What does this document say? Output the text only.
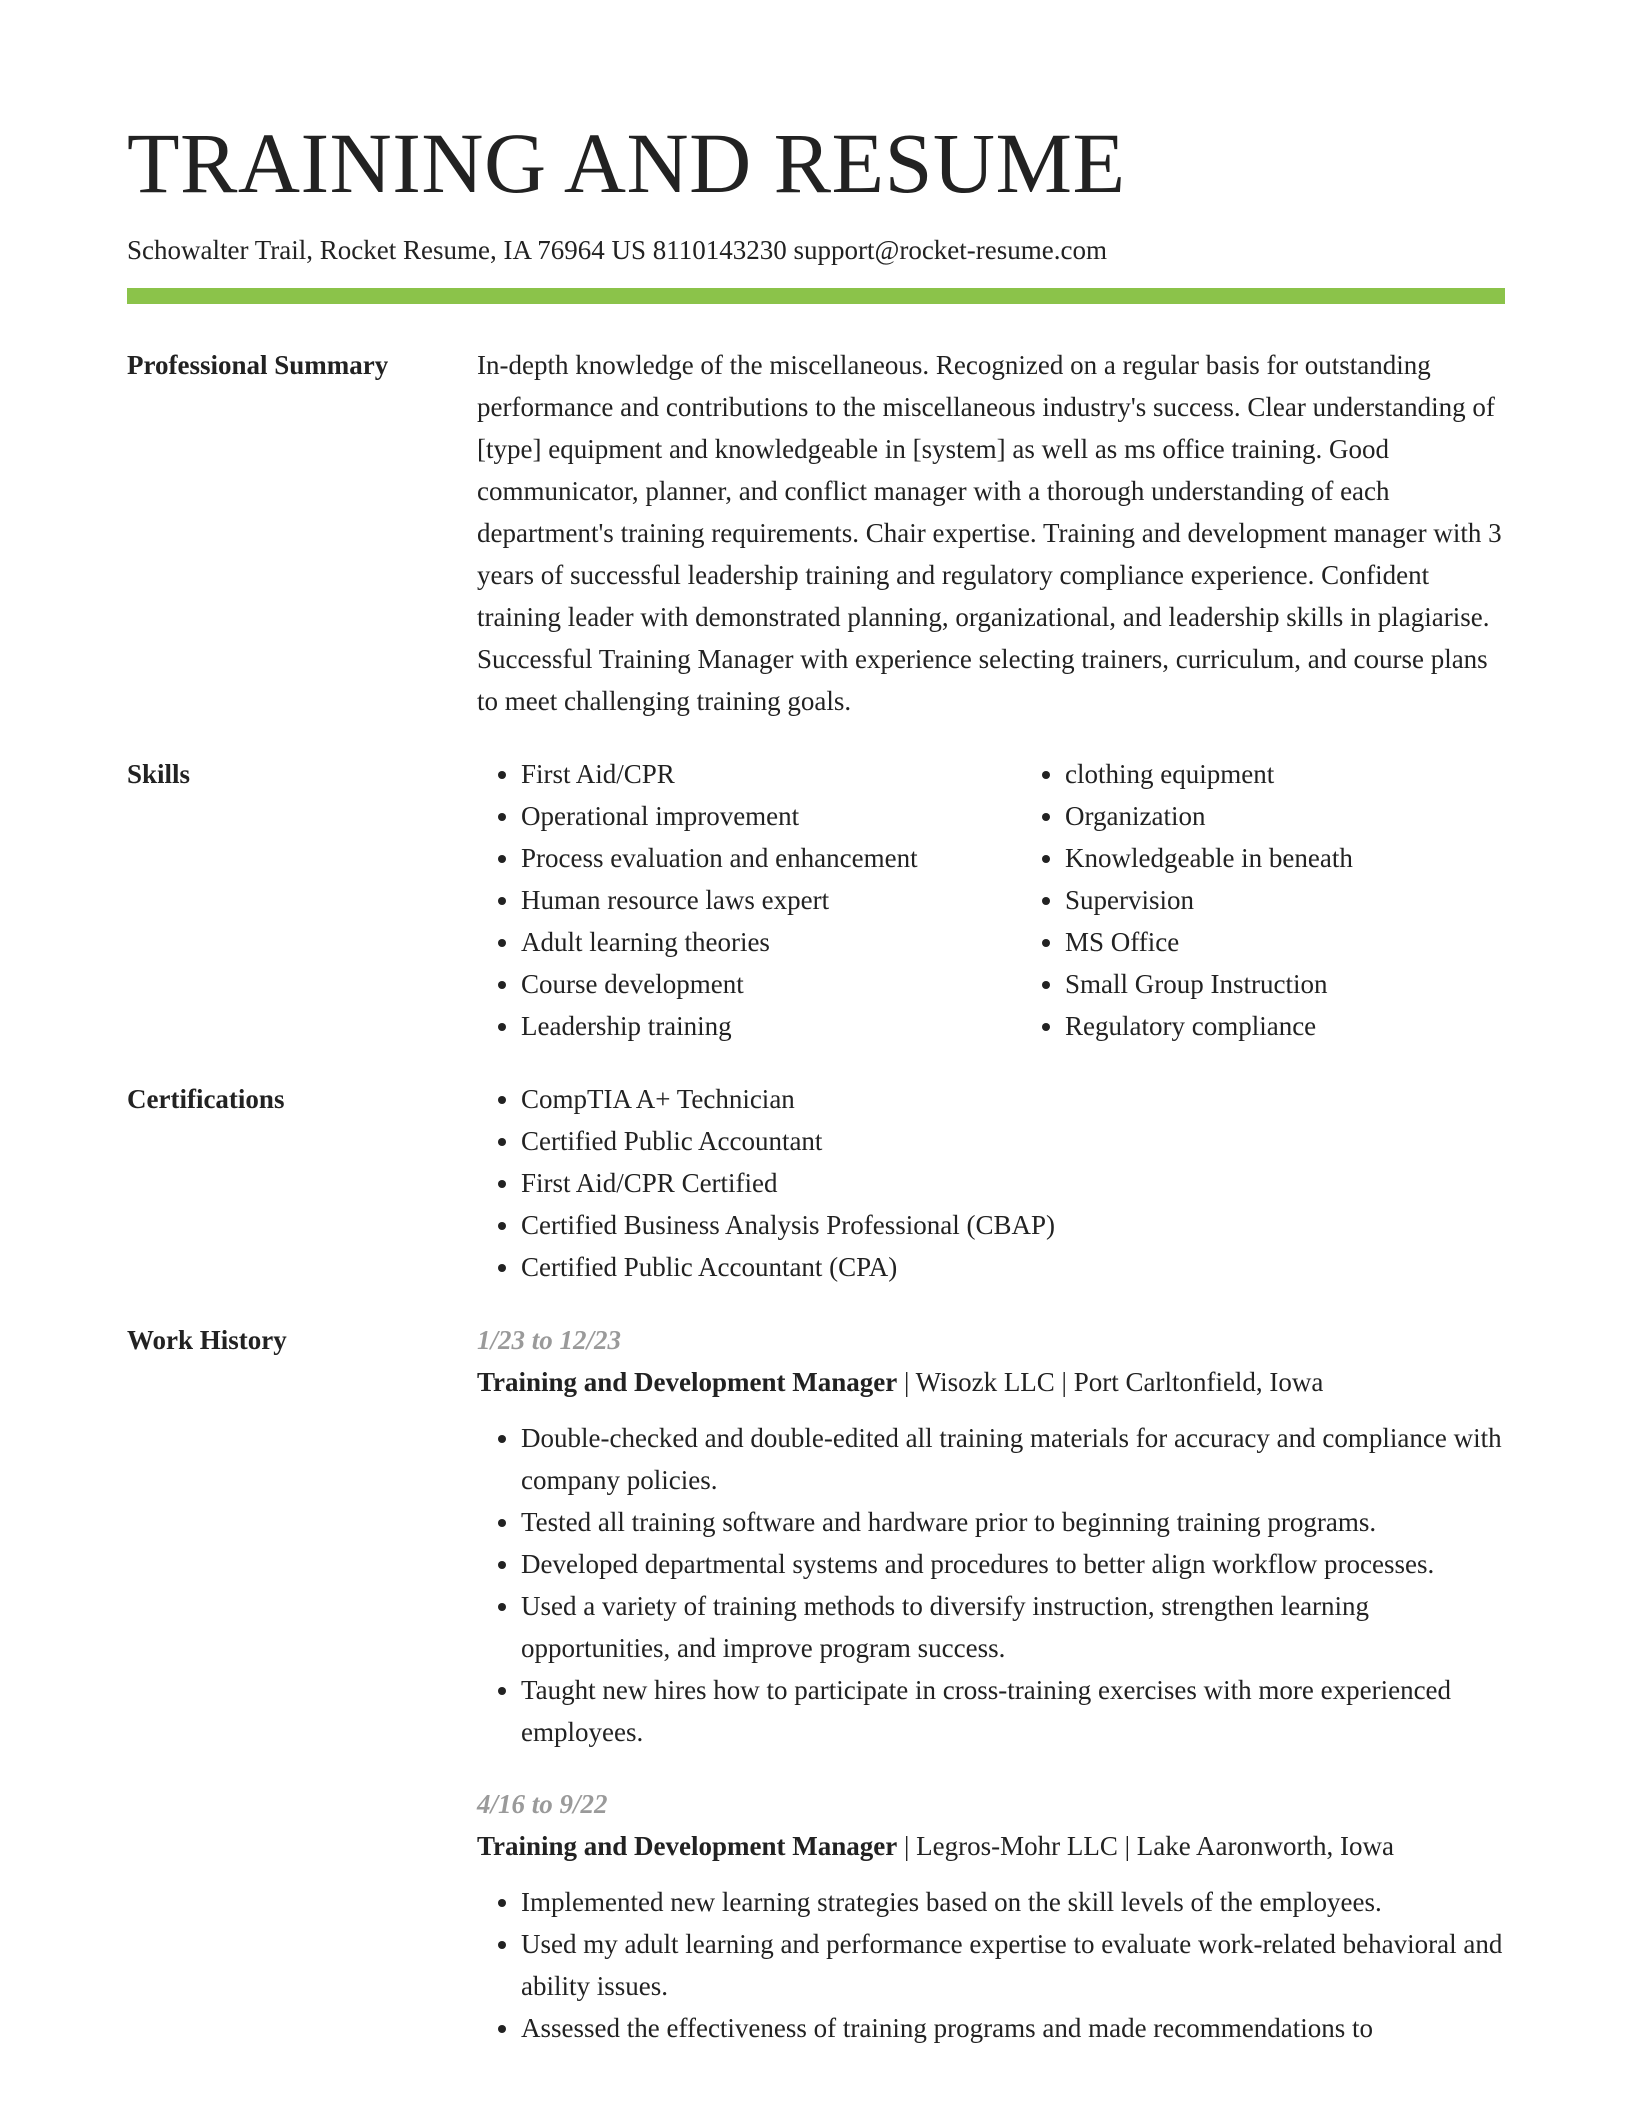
TRAINING AND RESUME
Schowalter Trail, Rocket Resume, IA 76964 US 8110143230 support@rocket-resume.com
Professional Summary	In-depth knowledge of the miscellaneous. Recognized on a regular basis for outstanding performance and contributions to the miscellaneous industry's success. Clear understanding of [type] equipment and knowledgeable in [system] as well as ms office training. Good communicator, planner, and conflict manager with a thorough understanding of each department's training requirements. Chair expertise. Training and development manager with 3 years of successful leadership training and regulatory compliance experience. Confident training leader with demonstrated planning, organizational, and leadership skills in plagiarise. Successful Training Manager with experience selecting trainers, curriculum, and course plans to meet challenging training goals.

Skills	• First Aid/CPR
• Operational improvement
• Process evaluation and enhancement
• Human resource laws expert
• Adult learning theories
• Course development
• Leadership training
• clothing equipment
• Organization
• Knowledgeable in beneath
• Supervision
• MS Office
• Small Group Instruction
• Regulatory compliance
Certifications	• CompTIA A+ Technician
• Certified Public Accountant
• First Aid/CPR Certified
• Certified Business Analysis Professional (CBAP)
• Certified Public Accountant (CPA)
Work History	1/23 to 12/23
Training and Development Manager | Wisozk LLC | Port Carltonfield, Iowa
• Double-checked and double-edited all training materials for accuracy and compliance with company policies.
• Tested all training software and hardware prior to beginning training programs.
• Developed departmental systems and procedures to better align workflow processes.
• Used a variety of training methods to diversify instruction, strengthen learning opportunities, and improve program success.
• Taught new hires how to participate in cross-training exercises with more experienced employees.
4/16 to 9/22
Training and Development Manager | Legros-Mohr LLC | Lake Aaronworth, Iowa
• Implemented new learning strategies based on the skill levels of the employees.
• Used my adult learning and performance expertise to evaluate work-related behavioral and ability issues.
• Assessed the effectiveness of training programs and made recommendations to
